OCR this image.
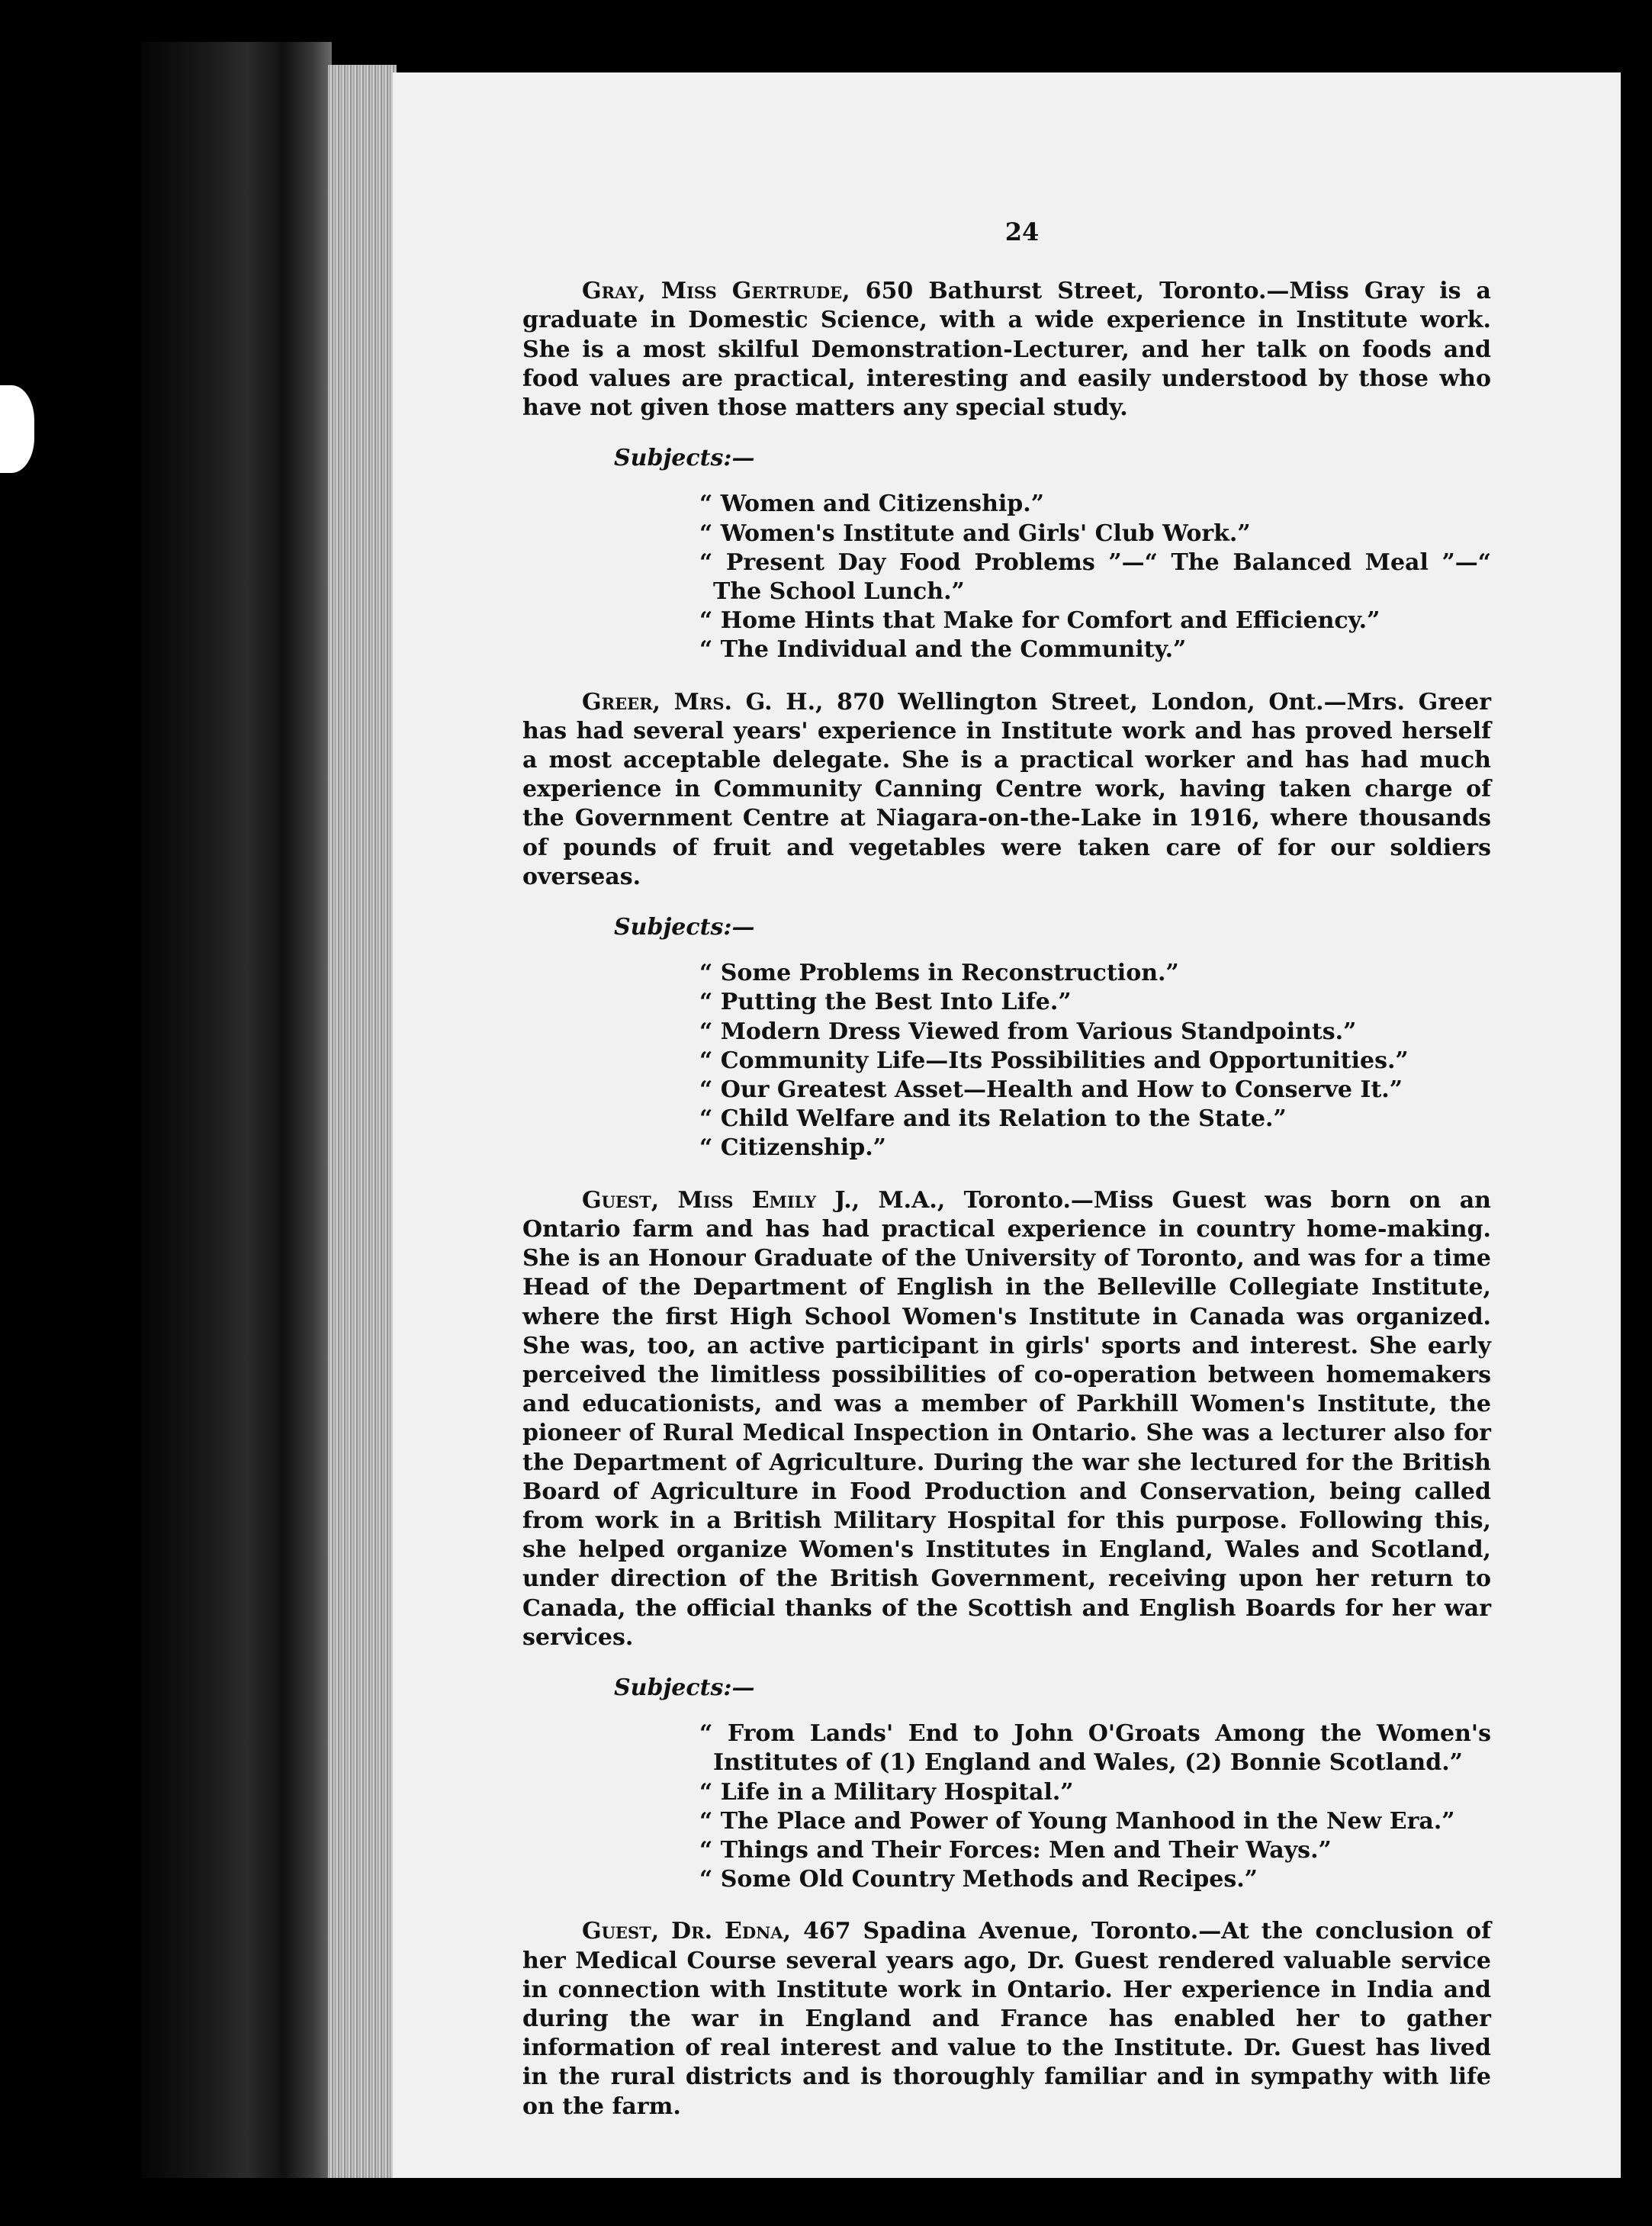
24

Gray, Miss Gertrude, 650 Bathurst Street, Toronto.—Miss Gray is a graduate in Domestic Science, with a wide experience in Institute work. She is a most skilful Demonstration-Lecturer, and her talk on foods and food values are practical, interesting and easily understood by those who have not given those matters any special study.

Subjects:—
“ Women and Citizenship.”
“ Women's Institute and Girls' Club Work.”
“ Present Day Food Problems ”—“ The Balanced Meal ”—“ The School Lunch.”
“ Home Hints that Make for Comfort and Efficiency.”
“ The Individual and the Community.”

Greer, Mrs. G. H., 870 Wellington Street, London, Ont.—Mrs. Greer has had several years' experience in Institute work and has proved herself a most acceptable delegate. She is a practical worker and has had much experience in Community Canning Centre work, having taken charge of the Government Centre at Niagara-on-the-Lake in 1916, where thousands of pounds of fruit and vegetables were taken care of for our soldiers overseas.

Subjects:—
“ Some Problems in Reconstruction.”
“ Putting the Best Into Life.”
“ Modern Dress Viewed from Various Standpoints.”
“ Community Life—Its Possibilities and Opportunities.”
“ Our Greatest Asset—Health and How to Conserve It.”
“ Child Welfare and its Relation to the State.”
“ Citizenship.”

Guest, Miss Emily J., M.A., Toronto.—Miss Guest was born on an Ontario farm and has had practical experience in country home-making. She is an Honour Graduate of the University of Toronto, and was for a time Head of the Department of English in the Belleville Collegiate Institute, where the first High School Women's Institute in Canada was organized. She was, too, an active participant in girls' sports and interest. She early perceived the limitless possibilities of co-operation between homemakers and educationists, and was a member of Parkhill Women's Institute, the pioneer of Rural Medical Inspection in Ontario. She was a lecturer also for the Department of Agriculture. During the war she lectured for the British Board of Agriculture in Food Production and Conservation, being called from work in a British Military Hospital for this purpose. Following this, she helped organize Women's Institutes in England, Wales and Scotland, under direction of the British Government, receiving upon her return to Canada, the official thanks of the Scottish and English Boards for her war services.

Subjects:—
“ From Lands' End to John O'Groats Among the Women's Institutes of (1) England and Wales, (2) Bonnie Scotland.”
“ Life in a Military Hospital.”
“ The Place and Power of Young Manhood in the New Era.”
“ Things and Their Forces: Men and Their Ways.”
“ Some Old Country Methods and Recipes.”

Guest, Dr. Edna, 467 Spadina Avenue, Toronto.—At the conclusion of her Medical Course several years ago, Dr. Guest rendered valuable service in connection with Institute work in Ontario. Her experience in India and during the war in England and France has enabled her to gather information of real interest and value to the Institute. Dr. Guest has lived in the rural districts and is thoroughly familiar and in sympathy with life on the farm.
